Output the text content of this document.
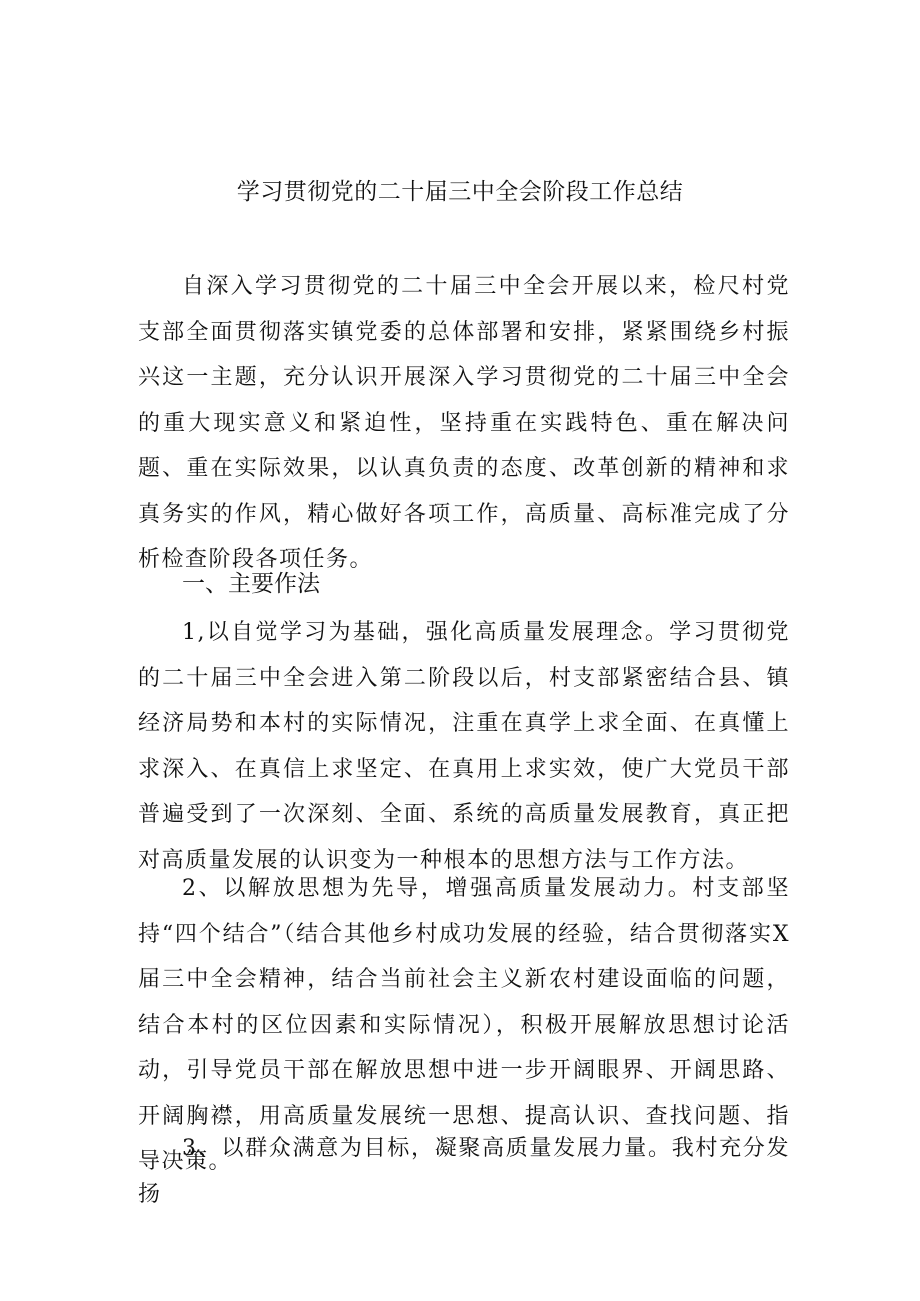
学习贯彻党的二十届三中全会阶段工作总结

自深入学习贯彻党的二十届三中全会开展以来，检尺村党支部全面贯彻落实镇党委的总体部署和安排，紧紧围绕乡村振兴这一主题，充分认识开展深入学习贯彻党的二十届三中全会的重大现实意义和紧迫性，坚持重在实践特色、重在解决问题、重在实际效果，以认真负责的态度、改革创新的精神和求真务实的作风，精心做好各项工作，高质量、高标准完成了分析检查阶段各项任务。

一、主要作法

1,以自觉学习为基础，强化高质量发展理念。学习贯彻党的二十届三中全会进入第二阶段以后，村支部紧密结合县、镇经济局势和本村的实际情况，注重在真学上求全面、在真懂上求深入、在真信上求坚定、在真用上求实效，使广大党员干部普遍受到了一次深刻、全面、系统的高质量发展教育，真正把对高质量发展的认识变为一种根本的思想方法与工作方法。

2、以解放思想为先导，增强高质量发展动力。村支部坚持“四个结合”（结合其他乡村成功发展的经验，结合贯彻落实X届三中全会精神，结合当前社会主义新农村建设面临的问题，结合本村的区位因素和实际情况），积极开展解放思想讨论活动，引导党员干部在解放思想中进一步开阔眼界、开阔思路、开阔胸襟，用高质量发展统一思想、提高认识、查找问题、指导决策。

3、以群众满意为目标，凝聚高质量发展力量。我村充分发扬
